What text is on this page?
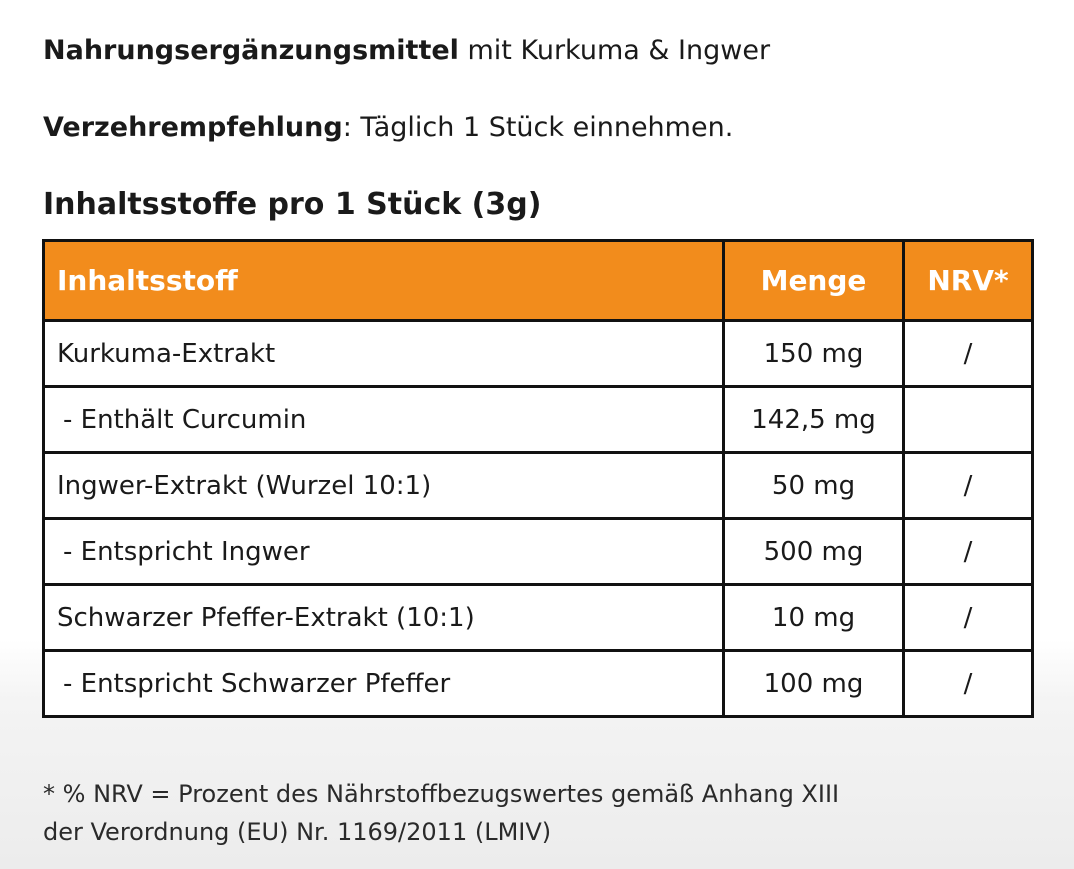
Nahrungsergänzungsmittel mit Kurkuma & Ingwer
Verzehrempfehlung: Täglich 1 Stück einnehmen.
Inhaltsstoffe pro 1 Stück (3g)
Inhaltsstoff	Menge	NRV*
Kurkuma-Extrakt	150 mg	/
- Enthält Curcumin	142,5 mg	
Ingwer-Extrakt (Wurzel 10:1)	50 mg	/
- Entspricht Ingwer	500 mg	/
Schwarzer Pfeffer-Extrakt (10:1)	10 mg	/
- Entspricht Schwarzer Pfeffer	100 mg	/
* % NRV = Prozent des Nährstoffbezugswertes gemäß Anhang XIII
der Verordnung (EU) Nr. 1169/2011 (LMIV)
